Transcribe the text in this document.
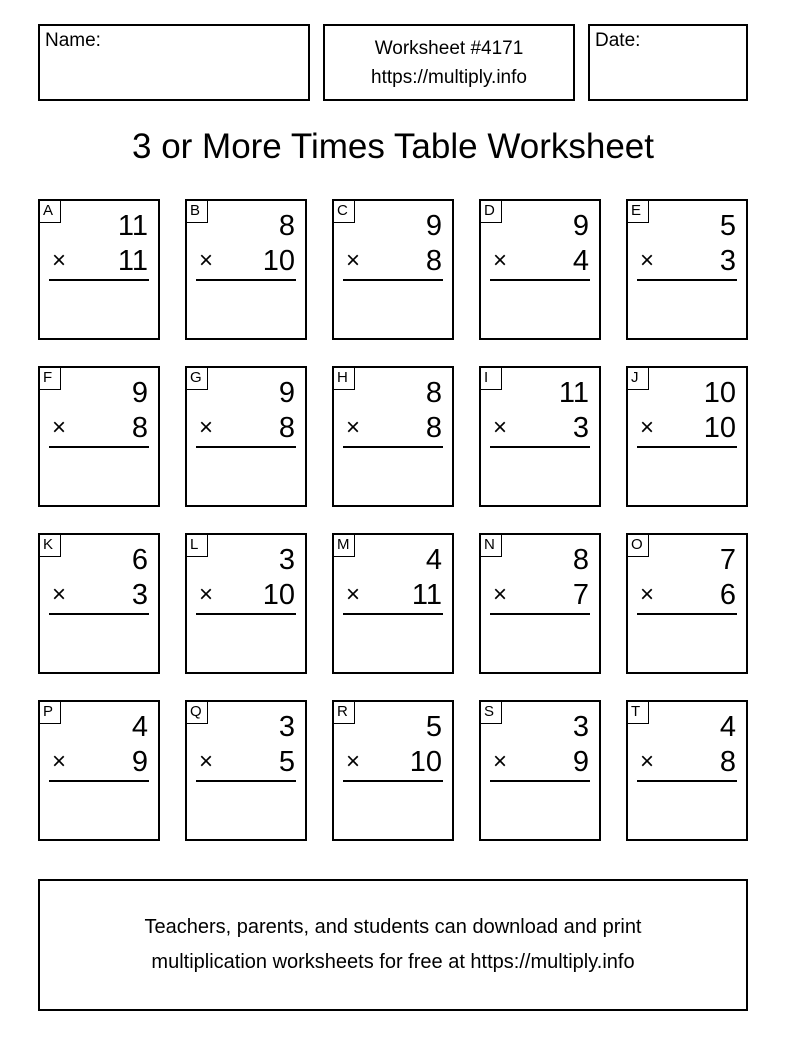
Name:	Worksheet #4171
https://multiply.info
Date:
3 or More Times Table Worksheet
A 11
× 11
B	8
× 10
C	9
× 8
D	9
× 4
E	5
× 3
F	9
× 8
G	9
× 8
H	8
× 8
I	11
× 3
J	10
× 10
K	6
× 3
L	3
× 10
M	4
× 11
N	8
× 7
O	7
× 6
P	4
× 9
Q	3
× 5
R	5
× 10
S	3
× 9
T	4
× 8
Teachers, parents, and students can download and print
multiplication worksheets for free at https://multiply.info
